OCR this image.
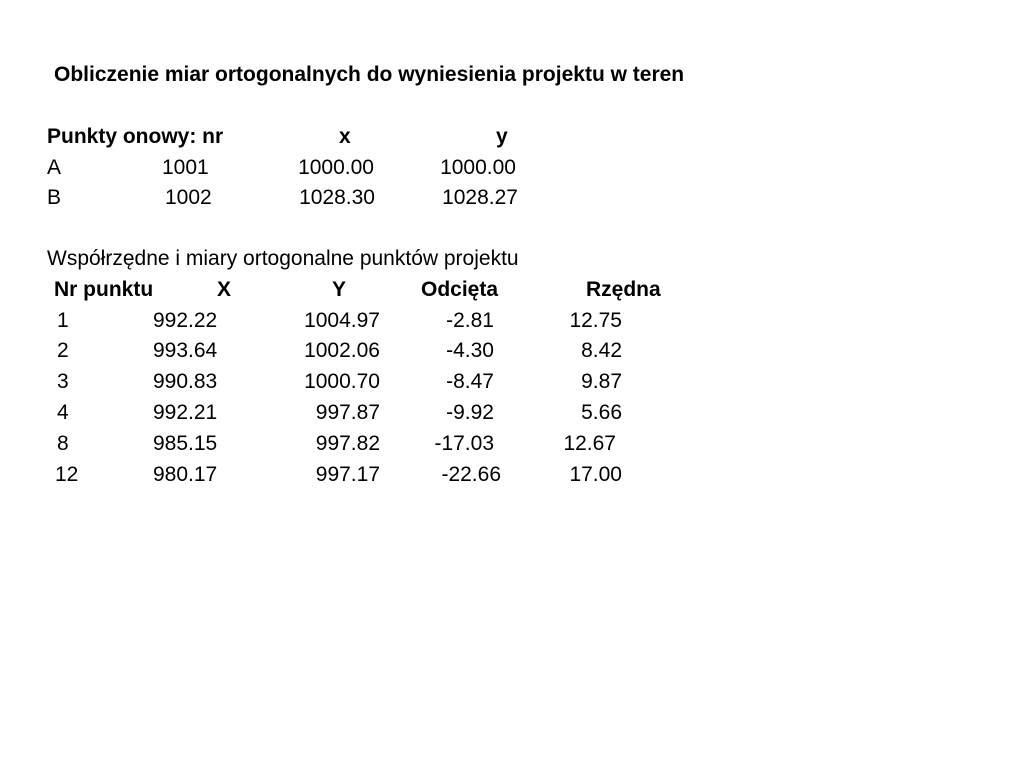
Obliczenie miar ortogonalnych do wyniesienia projektu w teren
Punkty onowy: nr	x	y
A	1001	1000.00	1000.00
B	1002	1028.30	1028.27
Współrzędne i miary ortogonalne punktów projektu
Nr punktu	X	Y	Odcięta	Rzędna
1	992.22	1004.97	-2.81	12.75
2	993.64	1002.06	-4.30	8.42
3	990.83	1000.70	-8.47	9.87
4	992.21	997.87	-9.92	5.66
8	985.15	997.82	-17.03	12.67
12	980.17	997.17	-22.66	17.00
